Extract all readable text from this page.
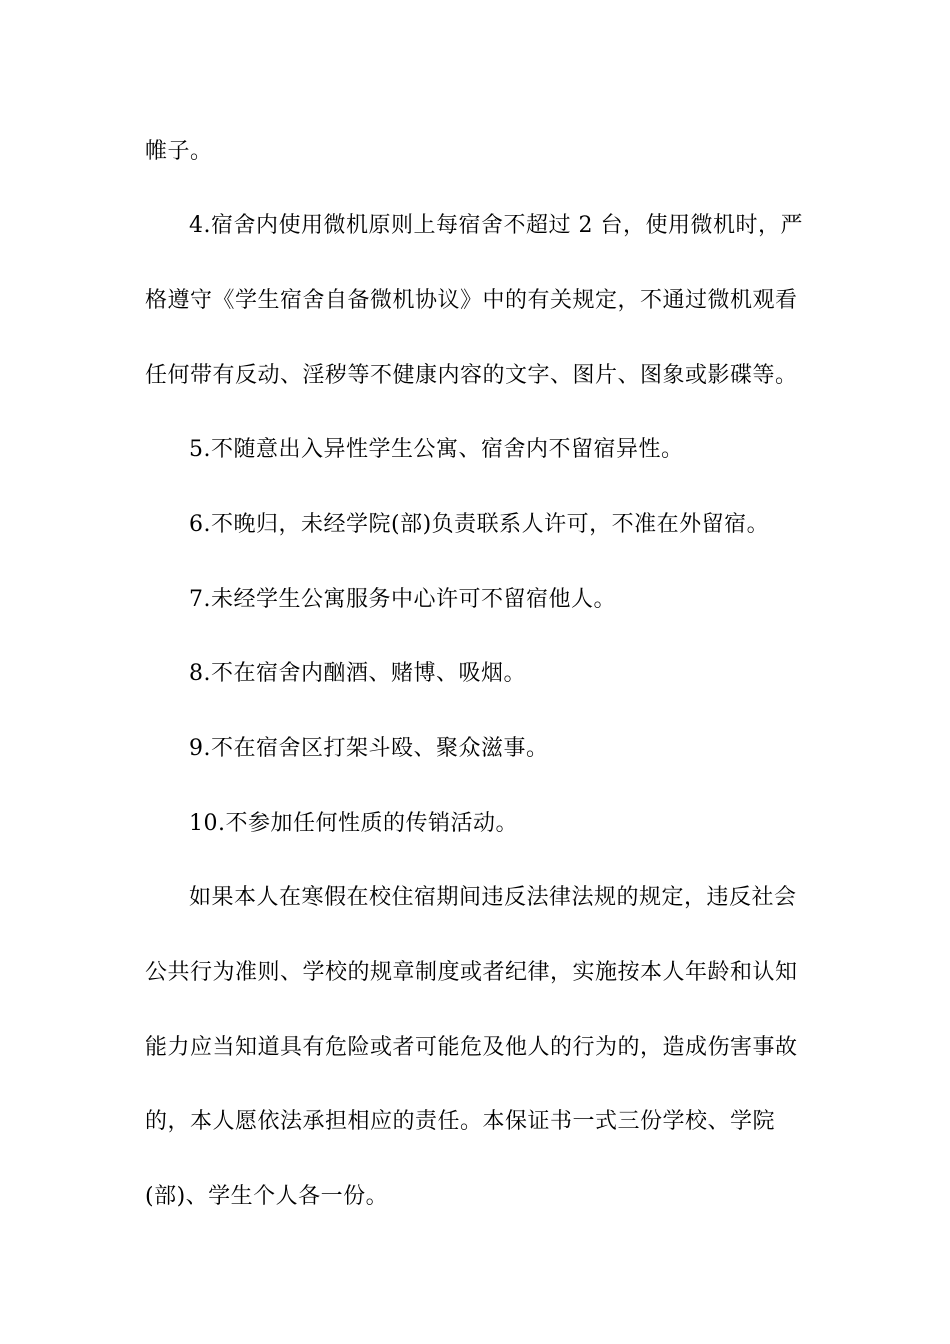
帷子。
4.宿舍内使用微机原则上每宿舍不超过 2 台，使用微机时，严
格遵守《学生宿舍自备微机协议》中的有关规定，不通过微机观看
任何带有反动、淫秽等不健康内容的文字、图片、图象或影碟等。
5.不随意出入异性学生公寓、宿舍内不留宿异性。
6.不晚归，未经学院(部)负责联系人许可，不准在外留宿。
7.未经学生公寓服务中心许可不留宿他人。
8.不在宿舍内酗酒、赌博、吸烟。
9.不在宿舍区打架斗殴、聚众滋事。
10.不参加任何性质的传销活动。
如果本人在寒假在校住宿期间违反法律法规的规定，违反社会
公共行为准则、学校的规章制度或者纪律，实施按本人年龄和认知
能力应当知道具有危险或者可能危及他人的行为的，造成伤害事故
的，本人愿依法承担相应的责任。本保证书一式三份学校、学院
(部)、学生个人各一份。
